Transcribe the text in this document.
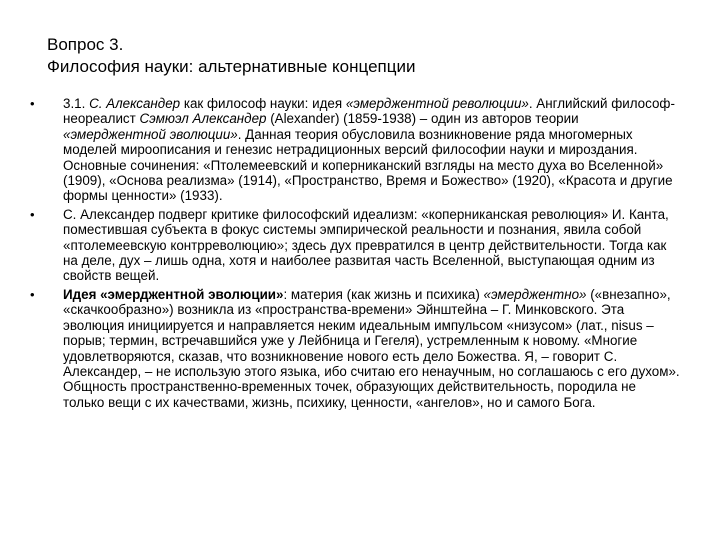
Вопрос 3.
Философия науки: альтернативные концепции
•	3.1. С. Александер как философ науки: идея «эмерджентной революции». Английский философ-неореалист Сэмюэл Александер (Alexander) (1859-1938) – один из авторов теории «эмерджентной эволюции». Данная теория обусловила возникновение ряда многомерных моделей мироописания и генезис нетрадиционных версий философии науки и мироздания. Основные сочинения: «Птолемеевский и коперниканский взгляды на место духа во Вселенной» (1909), «Основа реализма» (1914), «Пространство, Время и Божество» (1920), «Красота и другие формы ценности» (1933).
•	С. Александер подверг критике философский идеализм: «коперниканская революция» И. Канта, поместившая субъекта в фокус системы эмпирической реальности и познания, явила собой «птолемеевскую контрреволюцию»; здесь дух превратился в центр действительности. Тогда как на деле, дух – лишь одна, хотя и наиболее развитая часть Вселенной, выступающая одним из свойств вещей.
•	Идея «эмерджентной эволюции»: материя (как жизнь и психика) «эмерджентно» («внезапно», «скачкообразно») возникла из «пространства-времени» Эйнштейна – Г. Минковского. Эта эволюция инициируется и направляется неким идеальным импульсом «низусом» (лат., nisus – порыв; термин, встречавшийся уже у Лейбница и Гегеля), устремленным к новому. «Многие удовлетворяются, сказав, что возникновение нового есть дело Божества. Я, – говорит С. Александер, – не использую этого языка, ибо считаю его ненаучным, но соглашаюсь с его духом». Общность пространственно-временных точек, образующих действительность, породила не только вещи с их качествами, жизнь, психику, ценности, «ангелов», но и самого Бога.
